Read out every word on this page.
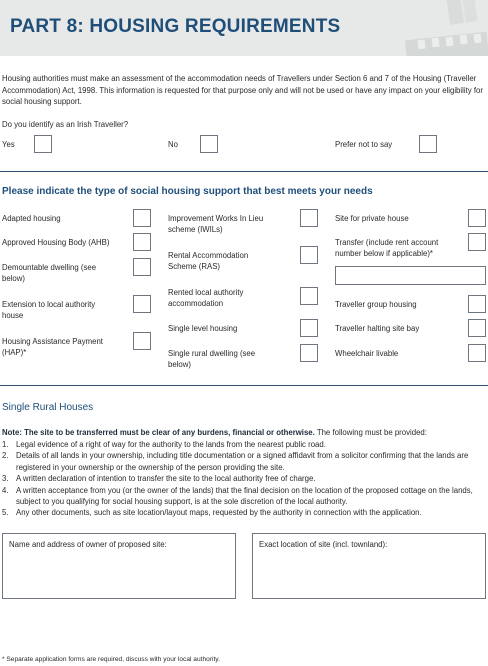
PART 8: HOUSING REQUIREMENTS
Housing authorities must make an assessment of the accommodation needs of Travellers under Section 6 and 7 of the Housing (Traveller Accommodation) Act, 1998. This information is requested for that purpose only and will not be used or have any impact on your eligibility for social housing support.
Do you identify as an Irish Traveller?
Yes	No	Prefer not to say
Please indicate the type of social housing support that best meets your needs
Adapted housing
Approved Housing Body (AHB)
Demountable dwelling (see below)
Extension to local authority house
Housing Assistance Payment (HAP)*
Improvement Works In Lieu scheme (IWILs)
Rental Accommodation Scheme (RAS)
Rented local authority accommodation
Single level housing
Single rural dwelling (see below)
Site for private house
Transfer (include rent account number below if applicable)*
Traveller group housing
Traveller halting site bay
Wheelchair livable
Single Rural Houses
Note: The site to be transferred must be clear of any burdens, financial or otherwise. The following must be provided:
1. Legal evidence of a right of way for the authority to the lands from the nearest public road.
2. Details of all lands in your ownership, including title documentation or a signed affidavit from a solicitor confirming that the lands are registered in your ownership or the ownership of the person providing the site.
3. A written declaration of intention to transfer the site to the local authority free of charge.
4. A written acceptance from you (or the owner of the lands) that the final decision on the location of the proposed cottage on the lands, subject to you qualifying for social housing support, is at the sole discretion of the local authority.
5. Any other documents, such as site location/layout maps, requested by the authority in connection with the application.
Name and address of owner of proposed site:	Exact location of site (incl. townland):
* Separate application forms are required, discuss with your local authority.
